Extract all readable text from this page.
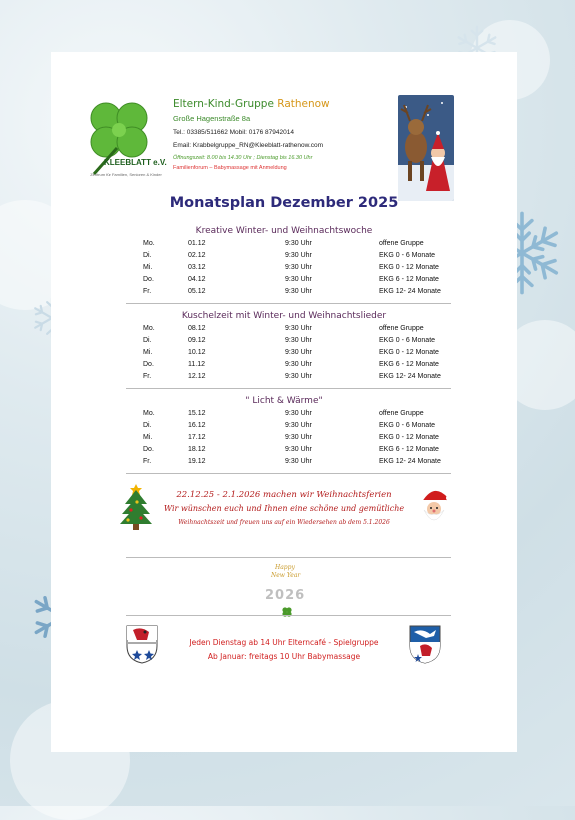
KLEEBLATT e.V.
Zentrum für Familien, Senioren & Kinder
Eltern-Kind-Gruppe Rathenow
Große Hagenstraße 8a
Tel.: 03385/511662 Mobil: 0176 87942014
Email: Krabbelgruppe_RN@Kleeblatt-rathenow.com
Öffnungszeit: 8.00 bis 14.30 Uhr ; Dienstag bis 16.30 Uhr
Familienforum – Babymassage mit Anmeldung
Monatsplan Dezember 2025
Kreative Winter- und Weihnachtswoche
Mo.	01.12	9:30 Uhr	offene Gruppe
Di.	02.12	9:30 Uhr	EKG 0 - 6 Monate
Mi.	03.12	9:30 Uhr	EKG 0 - 12 Monate
Do.	04.12	9:30 Uhr	EKG 6 - 12 Monate
Fr.	05.12	9:30 Uhr	EKG 12- 24 Monate
Kuschelzeit mit Winter- und Weihnachtslieder
Mo.	08.12	9:30 Uhr	offene Gruppe
Di.	09.12	9:30 Uhr	EKG 0 - 6 Monate
Mi.	10.12	9:30 Uhr	EKG 0 - 12 Monate
Do.	11.12	9:30 Uhr	EKG 6 - 12 Monate
Fr.	12.12	9:30 Uhr	EKG 12- 24 Monate
" Licht & Wärme"
Mo.	15.12	9:30 Uhr	offene Gruppe
Di.	16.12	9:30 Uhr	EKG 0 - 6 Monate
Mi.	17.12	9:30 Uhr	EKG 0 - 12 Monate
Do.	18.12	9:30 Uhr	EKG 6 - 12 Monate
Fr.	19.12	9:30 Uhr	EKG 12- 24 Monate
22.12.25 - 2.1.2026 machen wir Weihnachtsferien
Wir wünschen euch und Ihnen eine schöne und gemütliche
Weihnachtszeit und freuen uns auf ein Wiedersehen ab dem 5.1.2026
Happy
New Year
2026
Jeden Dienstag ab 14 Uhr Elterncafé - Spielgruppe
Ab Januar: freitags 10 Uhr Babymassage
